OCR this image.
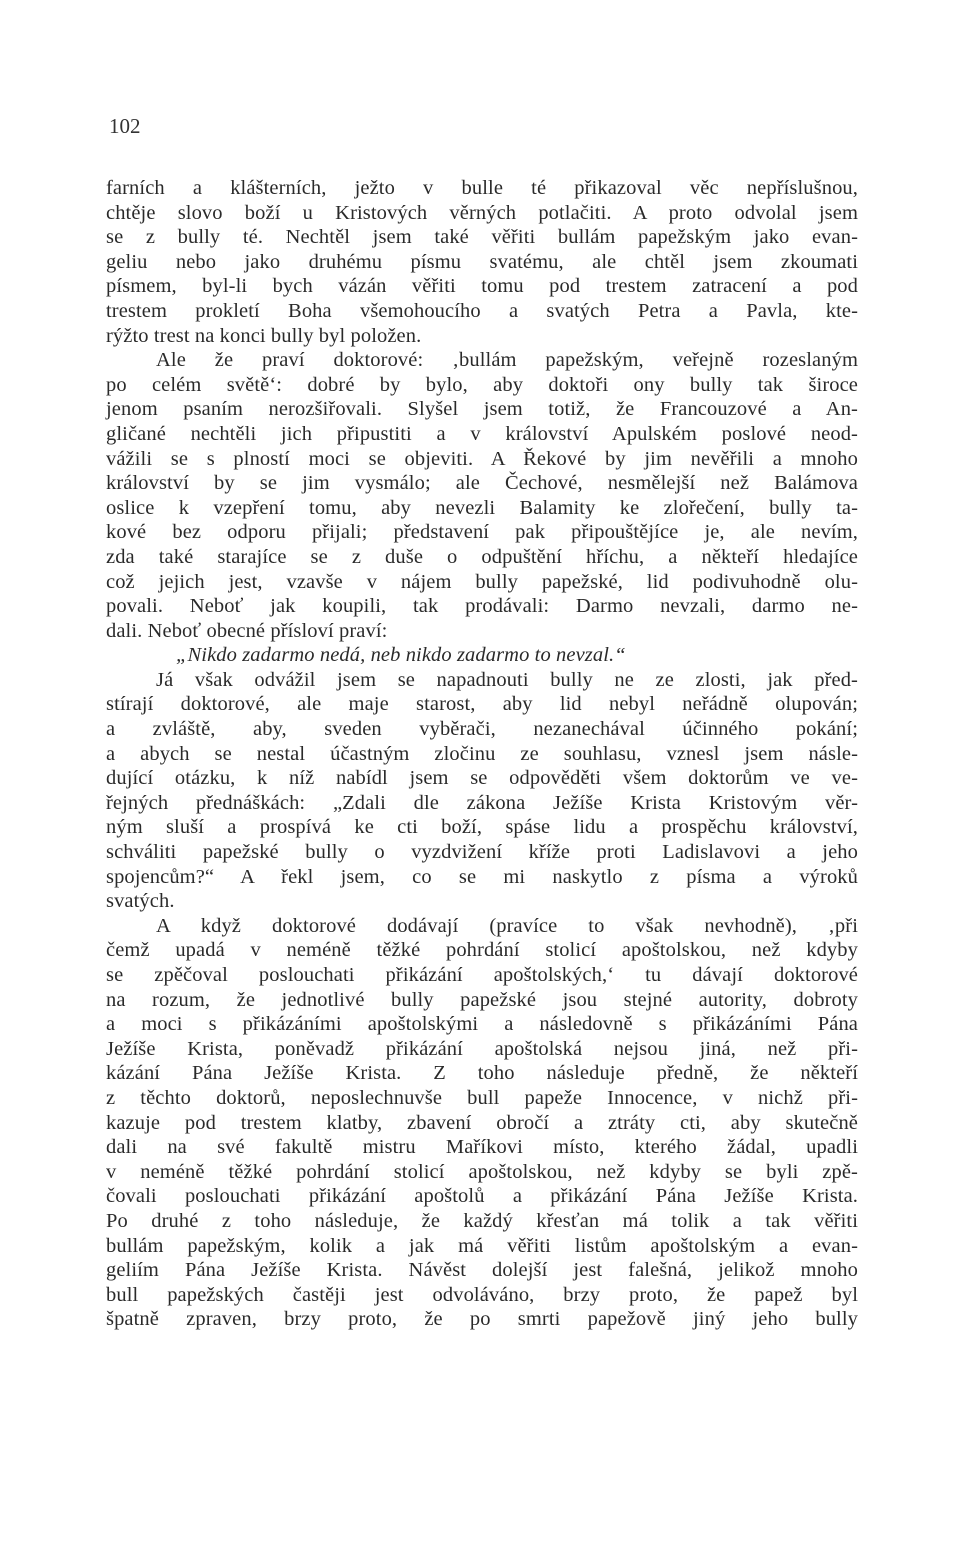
102
farních a klášterních, ježto v bulle té přikazoval věc nepříslušnou,
chtěje slovo boží u Kristových věrných potlačiti. A proto odvolal jsem
se z bully té. Nechtěl jsem také věřiti bullám papežským jako evan-
geliu nebo jako druhému písmu svatému, ale chtěl jsem zkoumati
písmem, byl-li bych vázán věřiti tomu pod trestem zatracení a pod
trestem prokletí Boha všemohoucího a svatých Petra a Pavla, kte-
rýžto trest na konci bully byl položen.
Ale že praví doktorové: ‚bullám papežským, veřejně rozeslaným
po celém světě‘: dobré by bylo, aby doktoři ony bully tak široce
jenom psaním nerozšiřovali. Slyšel jsem totiž, že Francouzové a An-
gličané nechtěli jich připustiti a v království Apulském poslové neod-
vážili se s plností moci se objeviti. A Řekové by jim nevěřili a mnoho
království by se jim vysmálo; ale Čechové, nesmělejší než Balámova
oslice k vzepření tomu, aby nevezli Balamity ke zlořečení, bully ta-
kové bez odporu přijali; představení pak připouštějíce je, ale nevím,
zda také starajíce se z duše o odpuštění hříchu, a někteří hledajíce
což jejich jest, vzavše v nájem bully papežské, lid podivuhodně olu-
povali. Neboť jak koupili, tak prodávali: Darmo nevzali, darmo ne-
dali. Neboť obecné přísloví praví:
„Nikdo zadarmo nedá, neb nikdo zadarmo to nevzal.“
Já však odvážil jsem se napadnouti bully ne ze zlosti, jak před-
stírají doktorové, ale maje starost, aby lid nebyl neřádně olupován;
a zvláště, aby, sveden vyběrači, nezanechával účinného pokání;
a abych se nestal účastným zločinu ze souhlasu, vznesl jsem násle-
dující otázku, k níž nabídl jsem se odpověděti všem doktorům ve ve-
řejných přednáškách: „Zdali dle zákona Ježíše Krista Kristovým věr-
ným sluší a prospívá ke cti boží, spáse lidu a prospěchu království,
schváliti papežské bully o vyzdvižení kříže proti Ladislavovi a jeho
spojencům?“ A řekl jsem, co se mi naskytlo z písma a výroků
svatých.
A když doktorové dodávají (pravíce to však nevhodně), ‚při
čemž upadá v neméně těžké pohrdání stolicí apoštolskou, než kdyby
se zpěčoval poslouchati přikázání apoštolských,‘ tu dávají doktorové
na rozum, že jednotlivé bully papežské jsou stejné autority, dobroty
a moci s přikázáními apoštolskými a následovně s přikázáními Pána
Ježíše Krista, poněvadž přikázání apoštolská nejsou jiná, než při-
kázání Pána Ježíše Krista. Z toho následuje předně, že někteří
z těchto doktorů, neposlechnuvše bull papeže Innocence, v nichž při-
kazuje pod trestem klatby, zbavení obročí a ztráty cti, aby skutečně
dali na své fakultě mistru Maříkovi místo, kterého žádal, upadli
v neméně těžké pohrdání stolicí apoštolskou, než kdyby se byli zpě-
čovali poslouchati přikázání apoštolů a přikázání Pána Ježíše Krista.
Po druhé z toho následuje, že každý křesťan má tolik a tak věřiti
bullám papežským, kolik a jak má věřiti listům apoštolským a evan-
geliím Pána Ježíše Krista. Návěst dolejší jest falešná, jelikož mnoho
bull papežských častěji jest odvoláváno, brzy proto, že papež byl
špatně zpraven, brzy proto, že po smrti papežově jiný jeho bully
